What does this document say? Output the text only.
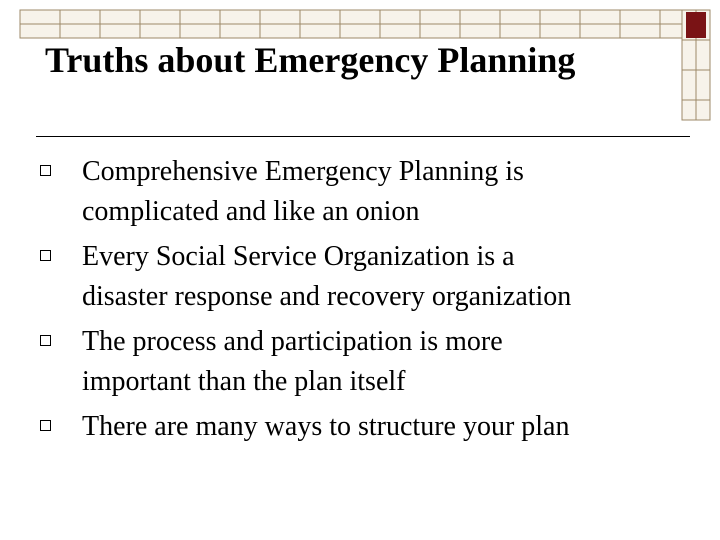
Truths about Emergency Planning
Comprehensive Emergency Planning is
complicated and like an onion
Every Social Service Organization is a
disaster response and recovery organization
The process and participation is more
important than the plan itself
There are many ways to structure your plan
